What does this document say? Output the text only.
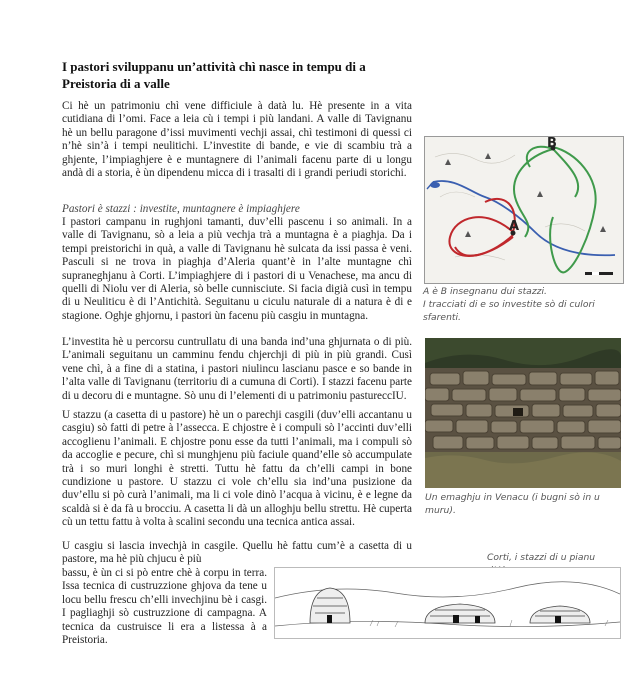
I pastori sviluppanu un’attività chì nasce in tempu di a Preistoria di a valle

Ci hè un patrimoniu chì vene difficiule à datà lu. Hè presente in a vita cutidiana di l’omi. Face a leia cù i tempi i più landani. A valle di Tavignanu hè un bellu paragone d’issi muvimenti vechji assai, chì testimoni di quessi ci n’hè sin’à i tempi neulitichi. L’investite di bande, e vie di scambiu trà a ghjente, l’impiaghjere è e muntagnere di l’animali facenu parte di u longu andà di a storia, è ùn dipendenu micca di i trasalti di i grandi periudi storichi.

Pastori è stazzi : investite, muntagnere è impiaghjere

I pastori campanu in rughjoni tamanti, duv’elli pascenu i so animali. In a valle di Tavignanu, sò a leia a più vechja trà a muntagna è a piaghja. Da i tempi preistorichi in quà, a valle di Tavignanu hè sulcata da issi passa è veni. Pasculi si ne trova in piaghja d’Aleria quant’è in l’alte muntagne chì supraneghjanu à Corti. L’impiaghjere di i pastori di u Venachese, ma ancu di quelli di Niolu ver di Aleria, sò belle cunnisciute. Si facia digià cusì in tempu di u Neuliticu è di l’Antichità. Seguitanu u ciculu naturale di a natura è di e stagione. Oghje ghjornu, i pastori ùn facenu più casgiu in muntagna.

L’investita hè u percorsu cuntrullatu di una banda ind’una ghjurnata o di più. L’animali seguitanu un camminu fendu chjerchji di più in più grandi. Cusì vene chì, à a fine di a statina, i pastori niulincu lascianu pasce e so bande in l’alta valle di Tavignanu (territoriu di a cumuna di Corti). I stazzi facenu parte di u decoru di e muntagne. Sò unu di l’elementi di u patrimoniu pastureccIU.

U stazzu (a casetta di u pastore) hè un o parechji casgili (duv’elli accantanu u casgiu) sò fatti di petre à l’assecca. E chjostre è i compuli sò l’accinti duv’elli accoglienu l’animali. E chjostre ponu esse da tutti l’animali, ma i compuli sò da accoglie e pecure, chì si munghjenu più faciule quand’elle sò accumpulate trà i so muri longhi è stretti. Tuttu hè fattu da ch’elli campi in bone cundizione u pastore. U stazzu ci vole ch’ellu sia ind’una pusizione da duv’ellu si pò curà l’animali, ma li ci vole dinò l’acqua à vicinu, è e legne da scaldà si è da fà u brocciu. A casetta li dà un alloghju bellu strettu. Hè cuperta cù un tettu fattu à volta à scalini secondu una tecnica antica assai.

U casgiu si lascia invechjà in casgile. Quellu hè fattu cum’è a casetta di u pastore, ma hè più chjucu è più

bassu, è ùn ci si pò entre chè à corpu in terra. Issa tecnica di custruzzione ghjova da tene u locu bellu frescu ch’elli invechjinu bè i casgi. I pagliaghji sò custruzzione di campagna. A tecnica da custruisce li era a listessa à a Preistoria.

A
B
A è B insegnanu dui stazzi.
I tracciati di e so investite sò di culori sfarenti.
Un emaghju in Venacu (i bugni sò in u muru).
Corti, i stazzi di u pianu
